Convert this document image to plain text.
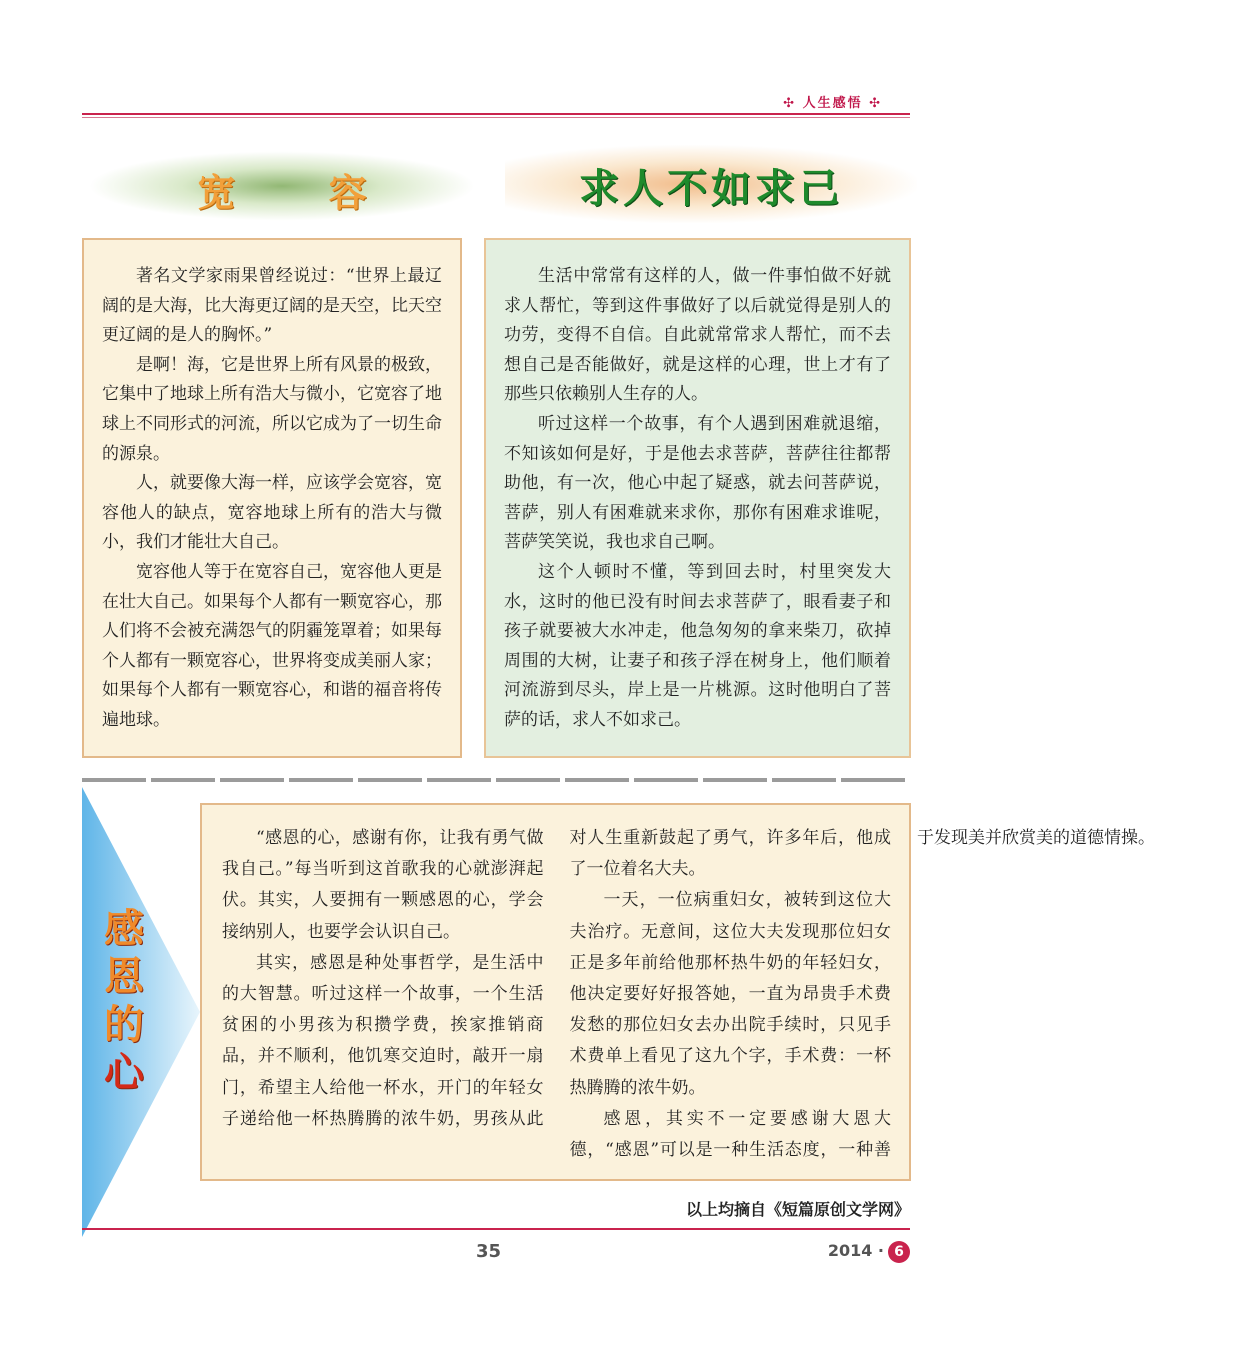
✣ 人生感悟 ✣
宽 容	求人不如求己

著名文学家雨果曾经说过：“世界上最辽阔的是大海，比大海更辽阔的是天空，比天空更辽阔的是人的胸怀。”

是啊！海，它是世界上所有风景的极致，它集中了地球上所有浩大与微小，它宽容了地球上不同形式的河流，所以它成为了一切生命的源泉。

人，就要像大海一样，应该学会宽容，宽容他人的缺点，宽容地球上所有的浩大与微小，我们才能壮大自己。

宽容他人等于在宽容自己，宽容他人更是在壮大自己。如果每个人都有一颗宽容心，那人们将不会被充满怨气的阴霾笼罩着；如果每个人都有一颗宽容心，世界将变成美丽人家；如果每个人都有一颗宽容心，和谐的福音将传遍地球。

生活中常常有这样的人，做一件事怕做不好就求人帮忙，等到这件事做好了以后就觉得是别人的功劳，变得不自信。自此就常常求人帮忙，而不去想自己是否能做好，就是这样的心理，世上才有了那些只依赖别人生存的人。

听过这样一个故事，有个人遇到困难就退缩，不知该如何是好，于是他去求菩萨，菩萨往往都帮助他，有一次，他心中起了疑惑，就去问菩萨说，菩萨，别人有困难就来求你，那你有困难求谁呢，菩萨笑笑说，我也求自己啊。

这个人顿时不懂，等到回去时，村里突发大水，这时的他已没有时间去求菩萨了，眼看妻子和孩子就要被大水冲走，他急匆匆的拿来柴刀，砍掉周围的大树，让妻子和孩子浮在树身上，他们顺着河流游到尽头，岸上是一片桃源。这时他明白了菩萨的话，求人不如求己。

感
恩
的
心

“感恩的心，感谢有你，让我有勇气做我自己。”每当听到这首歌我的心就澎湃起伏。其实，人要拥有一颗感恩的心，学会接纳别人，也要学会认识自己。

其实，感恩是种处事哲学，是生活中的大智慧。听过这样一个故事，一个生活贫困的小男孩为积攒学费，挨家推销商品，并不顺利，他饥寒交迫时，敲开一扇门，希望主人给他一杯水，开门的年轻女子递给他一杯热腾腾的浓牛奶，男孩从此对人生重新鼓起了勇气，许多年后，他成了一位着名大夫。

一天，一位病重妇女，被转到这位大夫治疗。无意间，这位大夫发现那位妇女正是多年前给他那杯热牛奶的年轻妇女，他决定要好好报答她，一直为昂贵手术费发愁的那位妇女去办出院手续时，只见手术费单上看见了这九个字，手术费：一杯热腾腾的浓牛奶。

感恩，其实不一定要感谢大恩大德，“感恩”可以是一种生活态度，一种善于发现美并欣赏美的道德情操。

以上均摘自《短篇原创文学网》
35	2014 · 6
